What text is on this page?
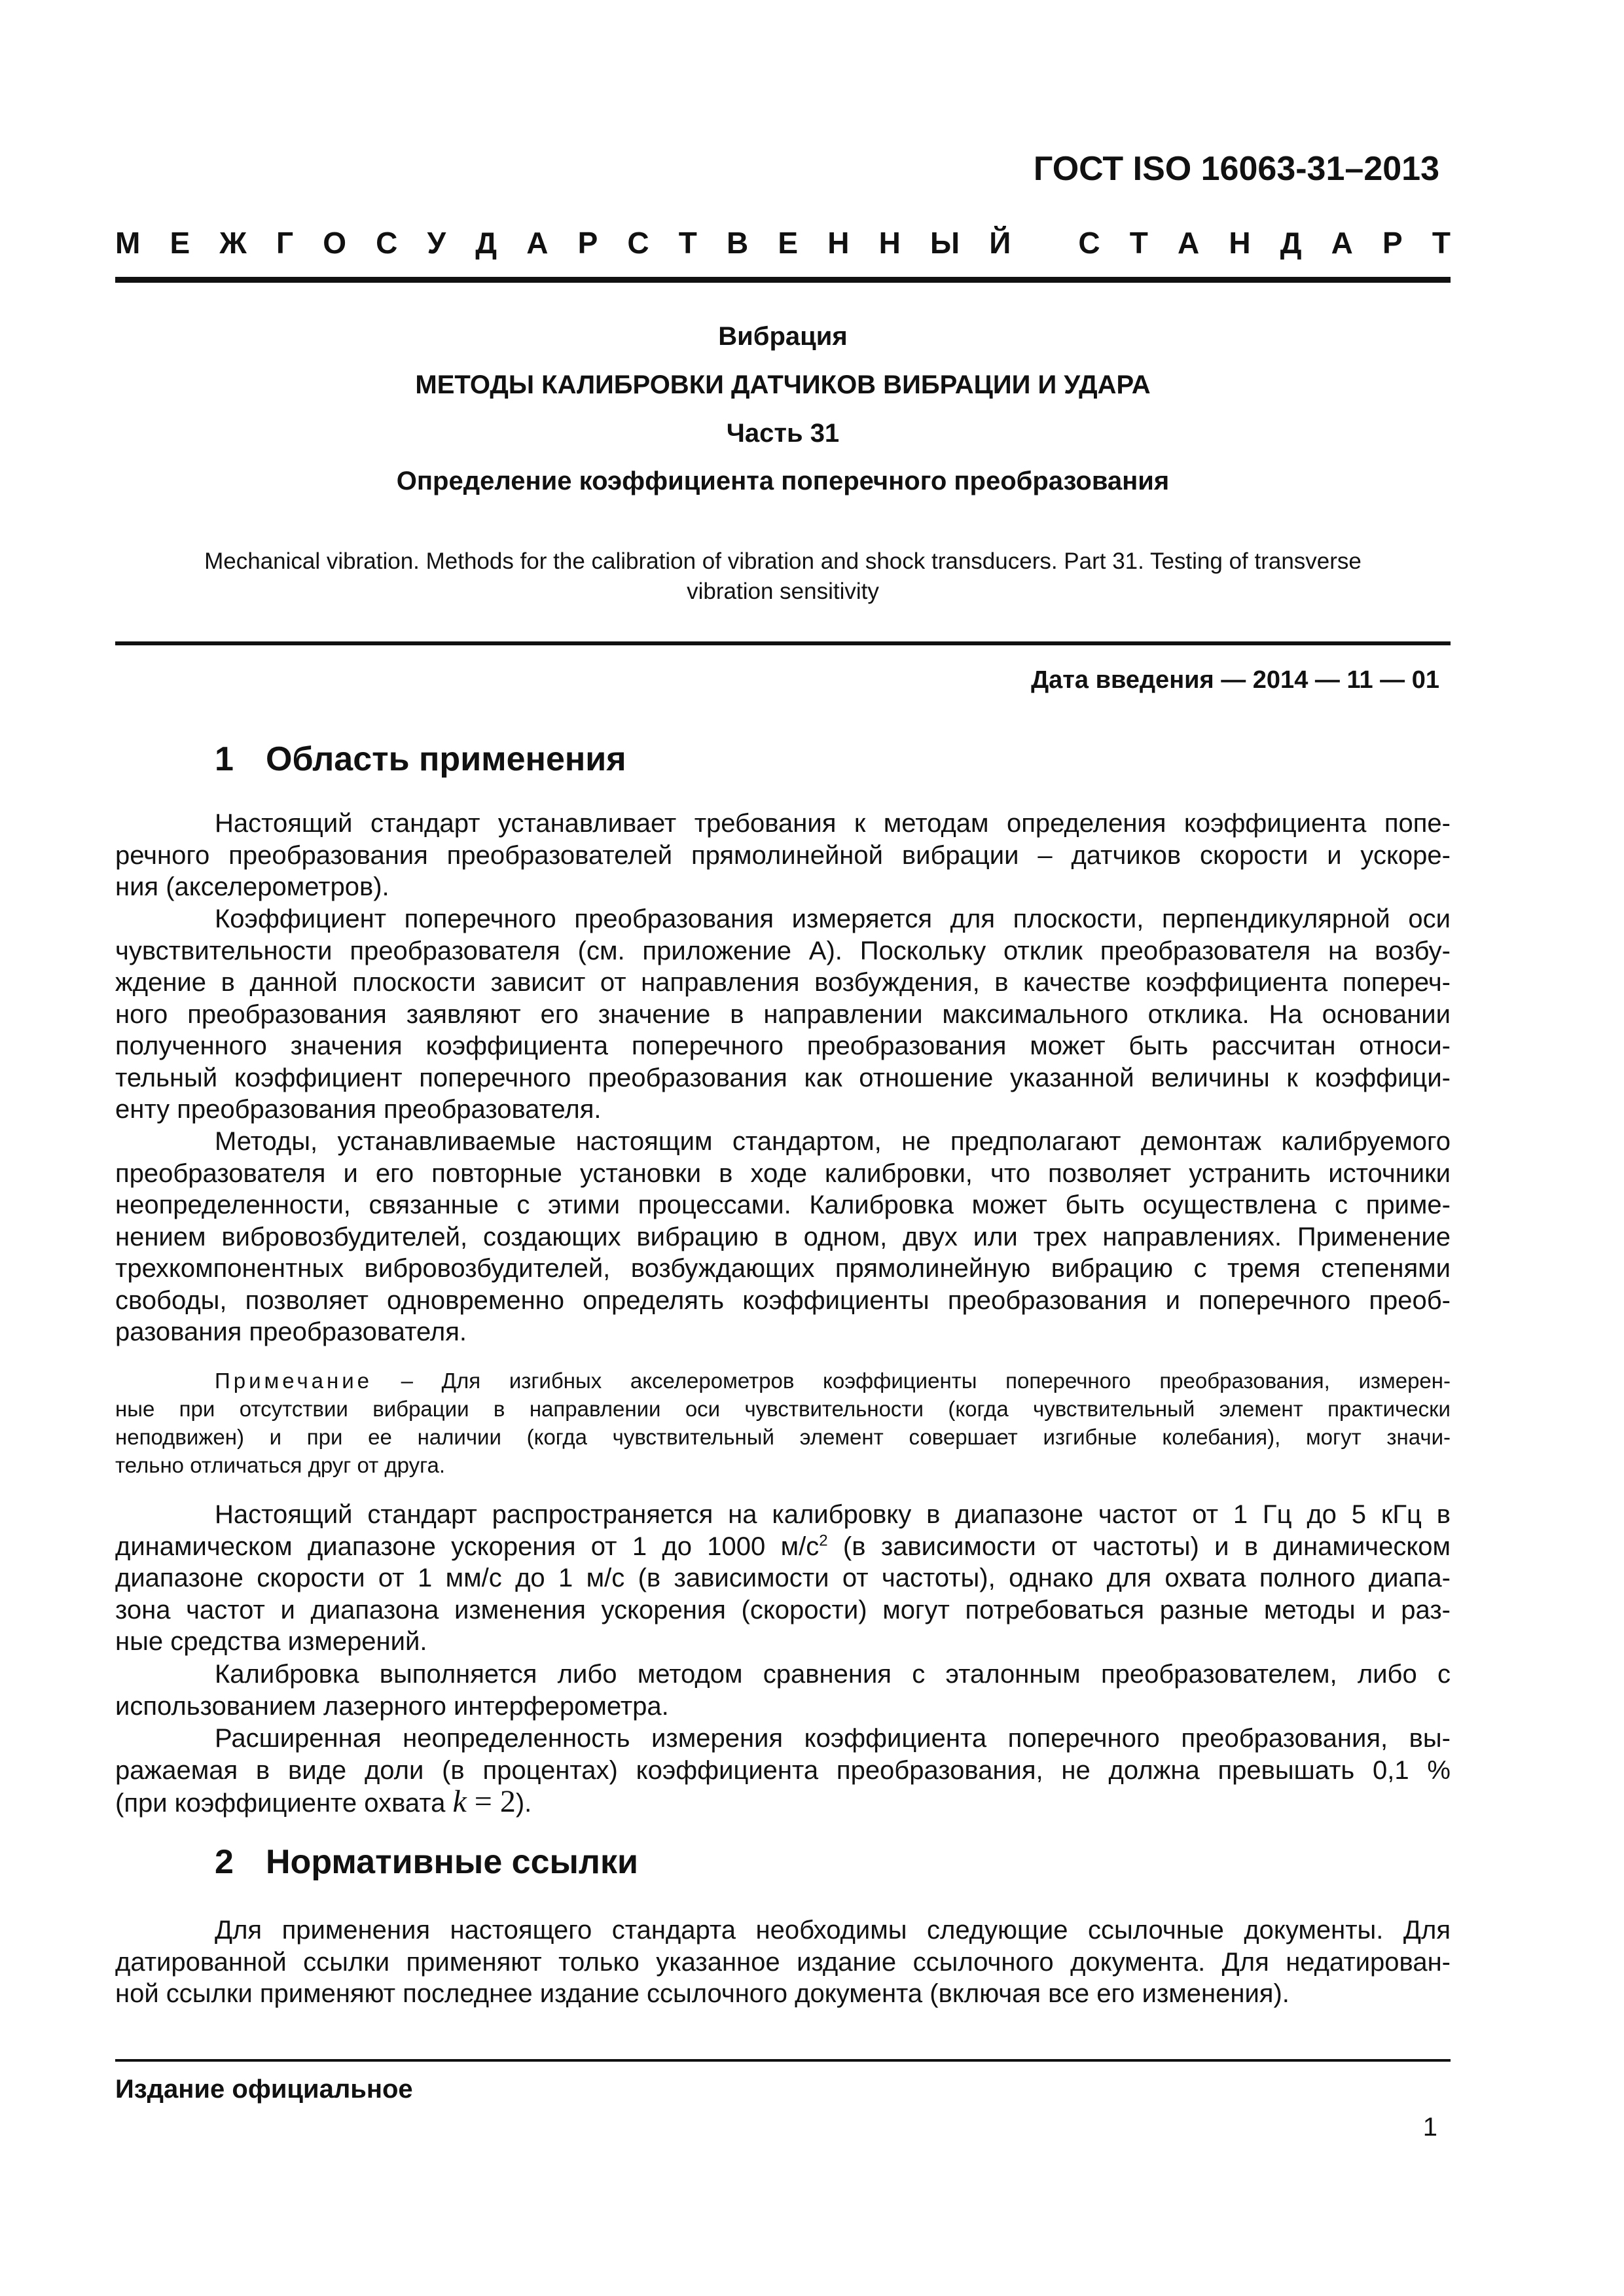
ГОСТ ISO 16063-31–2013
М Е Ж Г О С У Д А Р С Т В Е Н Н Ы Й
С Т А Н Д А Р Т
Вибрация
МЕТОДЫ КАЛИБРОВКИ ДАТЧИКОВ ВИБРАЦИИ И УДАРА
Часть 31
Определение коэффициента поперечного преобразования
Mechanical vibration. Methods for the calibration of vibration and shock transducers. Part 31. Testing of transverse
vibration sensitivity
Дата введения — 2014 — 11 — 01
1 Область применения
Настоящий стандарт устанавливает требования к методам определения коэффициента попе-
речного преобразования преобразователей прямолинейной вибрации – датчиков скорости и ускоре-
ния (акселерометров).
Коэффициент поперечного преобразования измеряется для плоскости, перпендикулярной оси
чувствительности преобразователя (см. приложение А). Поскольку отклик преобразователя на возбу-
ждение в данной плоскости зависит от направления возбуждения, в качестве коэффициента попереч-
ного преобразования заявляют его значение в направлении максимального отклика. На основании
полученного значения коэффициента поперечного преобразования может быть рассчитан относи-
тельный коэффициент поперечного преобразования как отношение указанной величины к коэффици-
енту преобразования преобразователя.
Методы, устанавливаемые настоящим стандартом, не предполагают демонтаж калибруемого
преобразователя и его повторные установки в ходе калибровки, что позволяет устранить источники
неопределенности, связанные с этими процессами. Калибровка может быть осуществлена с приме-
нением вибровозбудителей, создающих вибрацию в одном, двух или трех направлениях. Применение
трехкомпонентных вибровозбудителей, возбуждающих прямолинейную вибрацию с тремя степенями
свободы, позволяет одновременно определять коэффициенты преобразования и поперечного преоб-
разования преобразователя.
Примечание – Для изгибных акселерометров коэффициенты поперечного преобразования, измерен-
ные при отсутствии вибрации в направлении оси чувствительности (когда чувствительный элемент практически
неподвижен) и при ее наличии (когда чувствительный элемент совершает изгибные колебания), могут значи-
тельно отличаться друг от друга.
Настоящий стандарт распространяется на калибровку в диапазоне частот от 1 Гц до 5 кГц в
динамическом диапазоне ускорения от 1 до 1000 $м/с^2$ (в зависимости от частоты) и в динамическом
диапазоне скорости от 1 мм/с до 1 м/с (в зависимости от частоты), однако для охвата полного диапа-
зона частот и диапазона изменения ускорения (скорости) могут потребоваться разные методы и раз-
ные средства измерений.
Калибровка выполняется либо методом сравнения с эталонным преобразователем, либо с
использованием лазерного интерферометра.
Расширенная неопределенность измерения коэффициента поперечного преобразования, вы-
ражаемая в виде доли (в процентах) коэффициента преобразования, не должна превышать 0,1 %
(при коэффициенте охвата k = 2).
2 Нормативные ссылки
Для применения настоящего стандарта необходимы следующие ссылочные документы. Для
датированной ссылки применяют только указанное издание ссылочного документа. Для недатирован-
ной ссылки применяют последнее издание ссылочного документа (включая все его изменения).
Издание официальное
1
